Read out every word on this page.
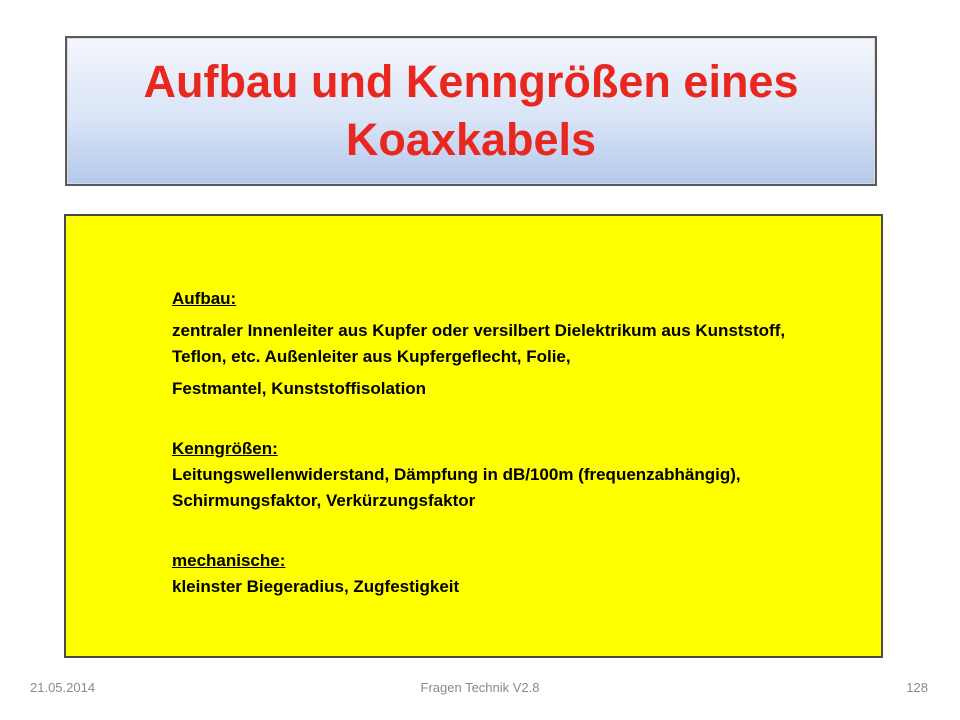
Aufbau und Kenngrößen eines Koaxkabels
Aufbau:
zentraler Innenleiter aus Kupfer oder versilbert Dielektrikum aus Kunststoff, Teflon, etc. Außenleiter aus Kupfergeflecht, Folie,
Festmantel, Kunststoffisolation
Kenngrößen:
Leitungswellenwiderstand, Dämpfung in dB/100m (frequenzabhängig), Schirmungsfaktor, Verkürzungsfaktor
mechanische:
kleinster Biegeradius, Zugfestigkeit
21.05.2014	Fragen Technik V2.8	128
